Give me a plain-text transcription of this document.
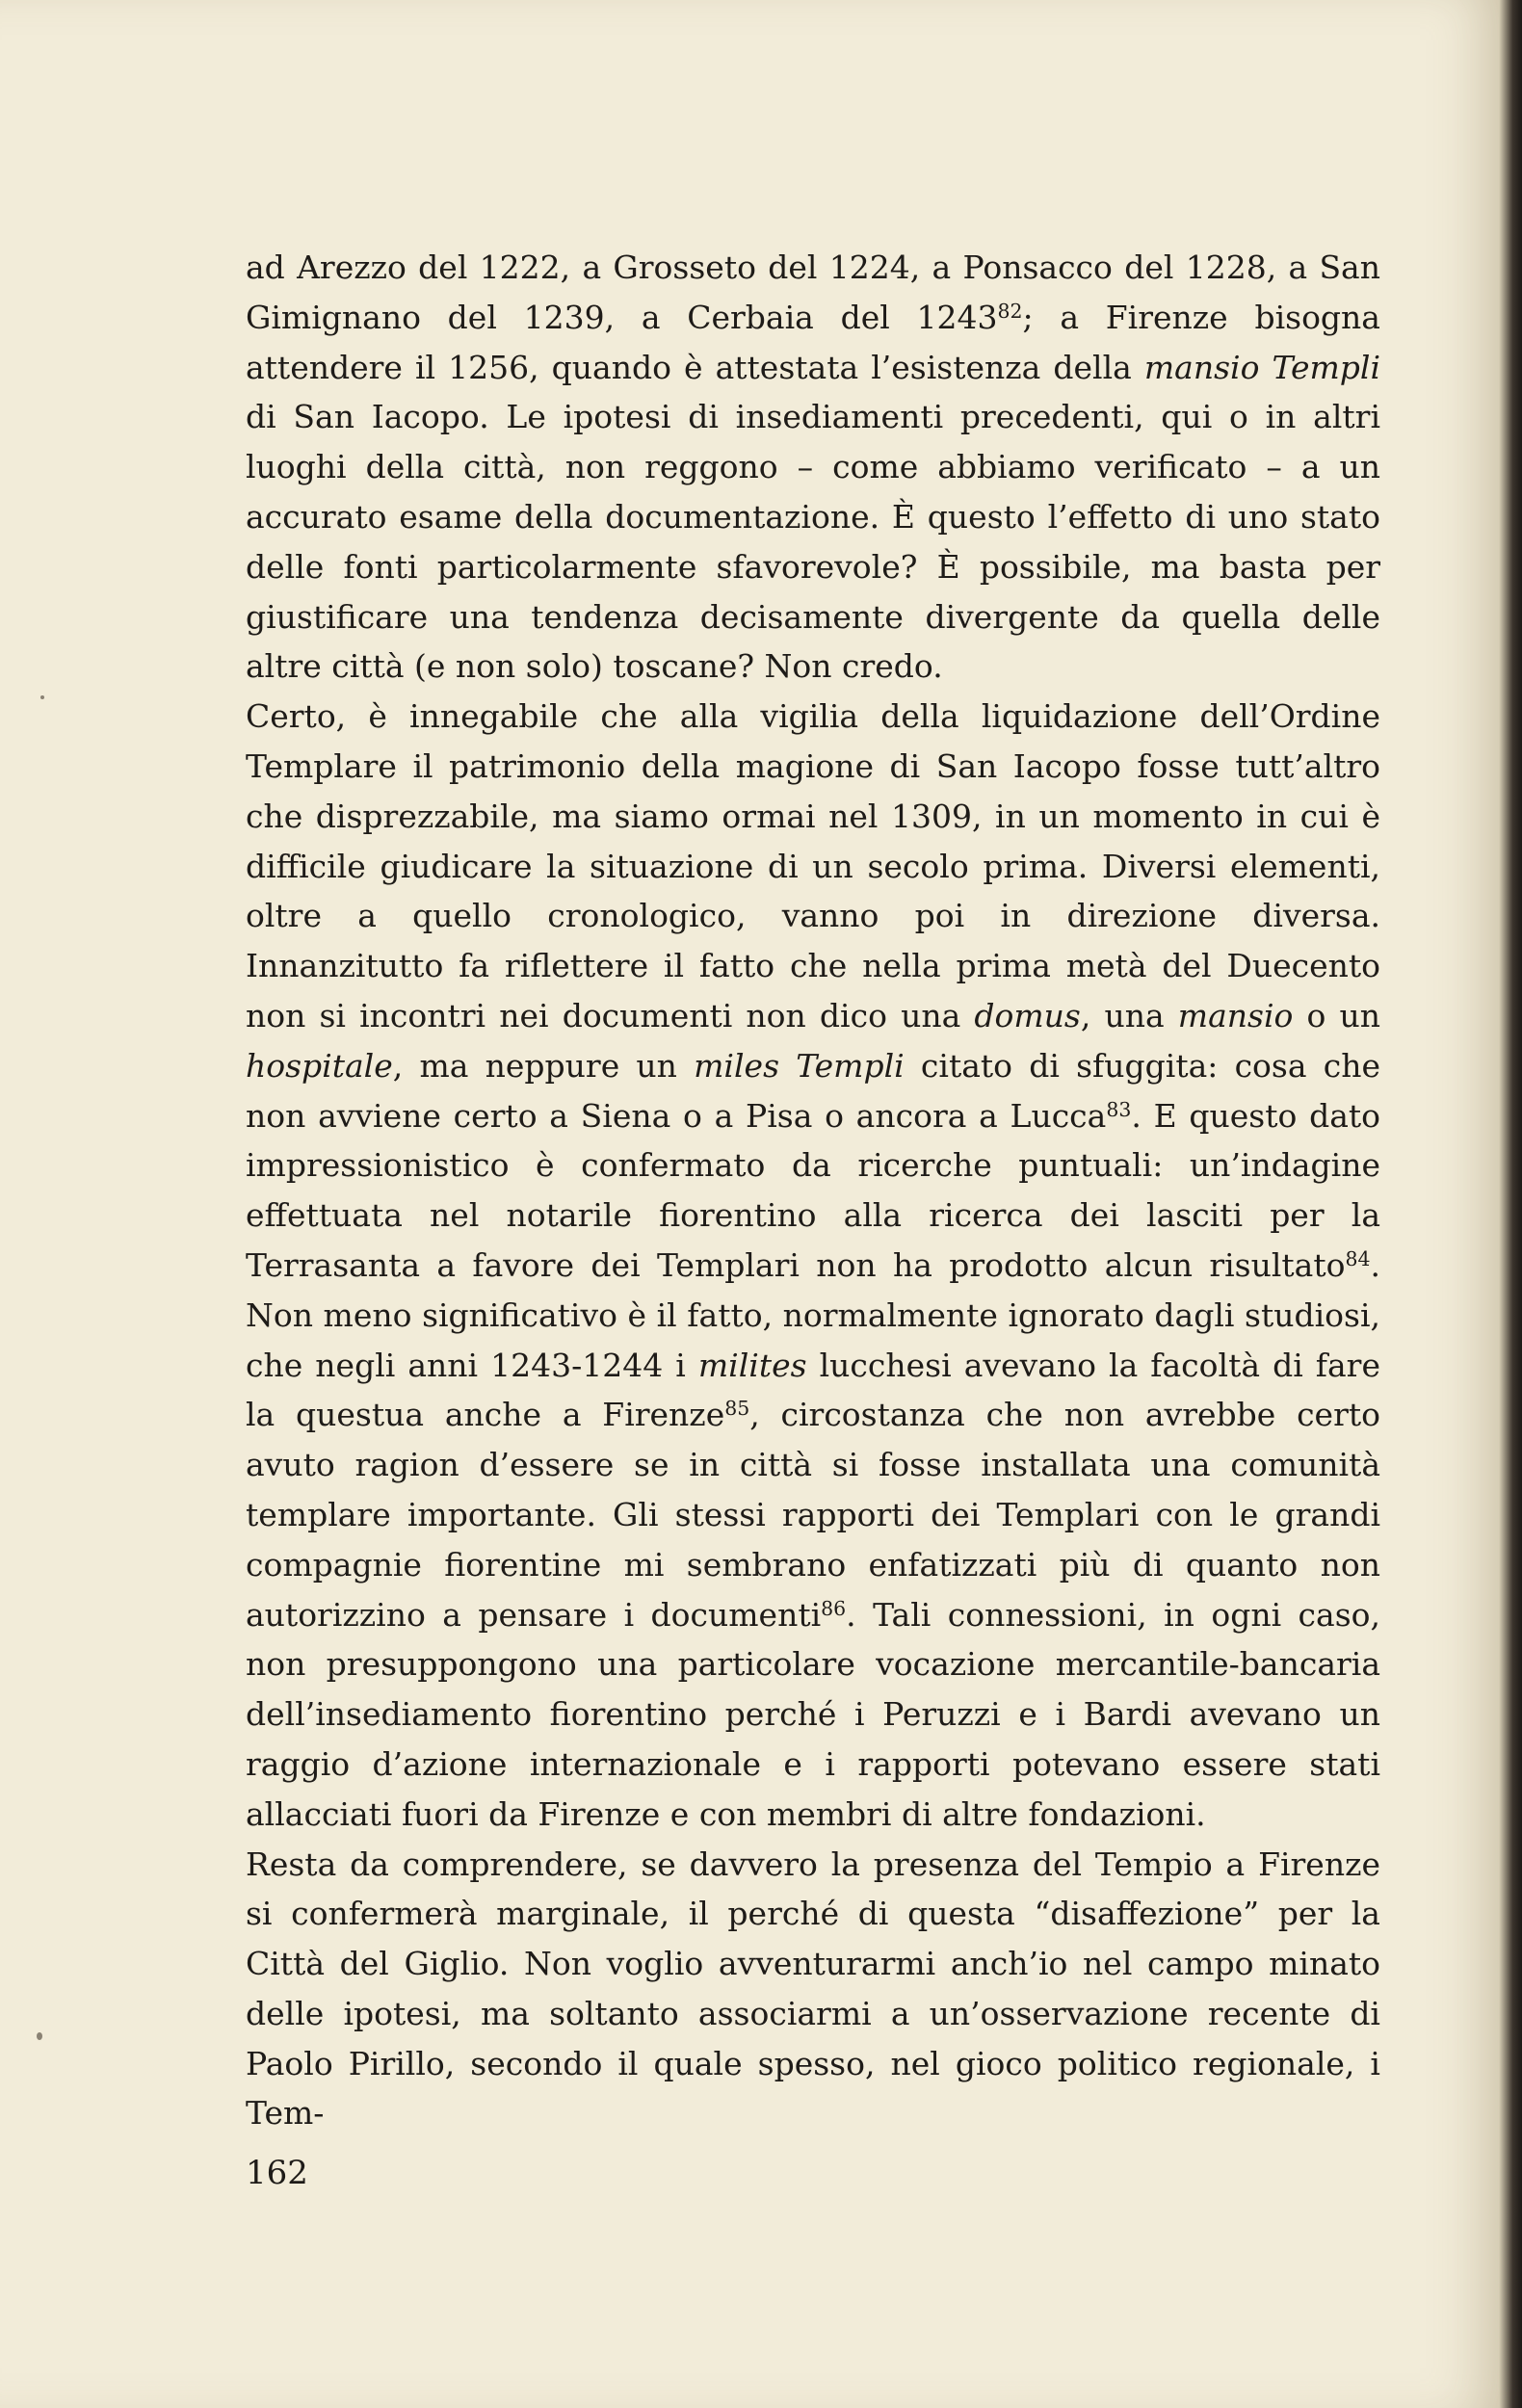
ad Arezzo del 1222, a Grosseto del 1224, a Ponsacco del 1228, a San Gimignano del 1239, a Cerbaia del 1243$^{82}$; a Firenze bisogna attendere il 1256, quando è attestata l’esistenza della mansio Templi di San Iacopo. Le ipotesi di insediamenti precedenti, qui o in altri luoghi della città, non reggono – come abbiamo verificato – a un accurato esame della documentazione. È questo l’effetto di uno stato delle fonti particolarmente sfavorevole? È possibile, ma basta per giustificare una tendenza decisamente divergente da quella delle altre città (e non solo) toscane? Non credo.

Certo, è innegabile che alla vigilia della liquidazione dell’Ordine Templare il patrimonio della magione di San Iacopo fosse tutt’altro che disprezzabile, ma siamo ormai nel 1309, in un momento in cui è difficile giudicare la situazione di un secolo prima. Diversi elementi, oltre a quello cronologico, vanno poi in direzione diversa. Innanzitutto fa riflettere il fatto che nella prima metà del Duecento non si incontri nei documenti non dico una domus, una mansio o un hospitale, ma neppure un miles Templi citato di sfuggita: cosa che non avviene certo a Siena o a Pisa o ancora a Lucca$^{83}$. E questo dato impressionistico è confermato da ricerche puntuali: un’indagine effettuata nel notarile fiorentino alla ricerca dei lasciti per la Terrasanta a favore dei Templari non ha prodotto alcun risultato$^{84}$. Non meno significativo è il fatto, normalmente ignorato dagli studiosi, che negli anni 1243-1244 i milites lucchesi avevano la facoltà di fare la questua anche a Firenze$^{85}$, circostanza che non avrebbe certo avuto ragion d’essere se in città si fosse installata una comunità templare importante. Gli stessi rapporti dei Templari con le grandi compagnie fiorentine mi sembrano enfatizzati più di quanto non autorizzino a pensare i documenti$^{86}$. Tali connessioni, in ogni caso, non presuppongono una particolare vocazione mercantile-bancaria dell’insediamento fiorentino perché i Peruzzi e i Bardi avevano un raggio d’azione internazionale e i rapporti potevano essere stati allacciati fuori da Firenze e con membri di altre fondazioni.

Resta da comprendere, se davvero la presenza del Tempio a Firenze si confermerà marginale, il perché di questa “disaffezione” per la Città del Giglio. Non voglio avventurarmi anch’io nel campo minato delle ipotesi, ma soltanto associarmi a un’osservazione recente di Paolo Pirillo, secondo il quale spesso, nel gioco politico regionale, i Tem-

162
